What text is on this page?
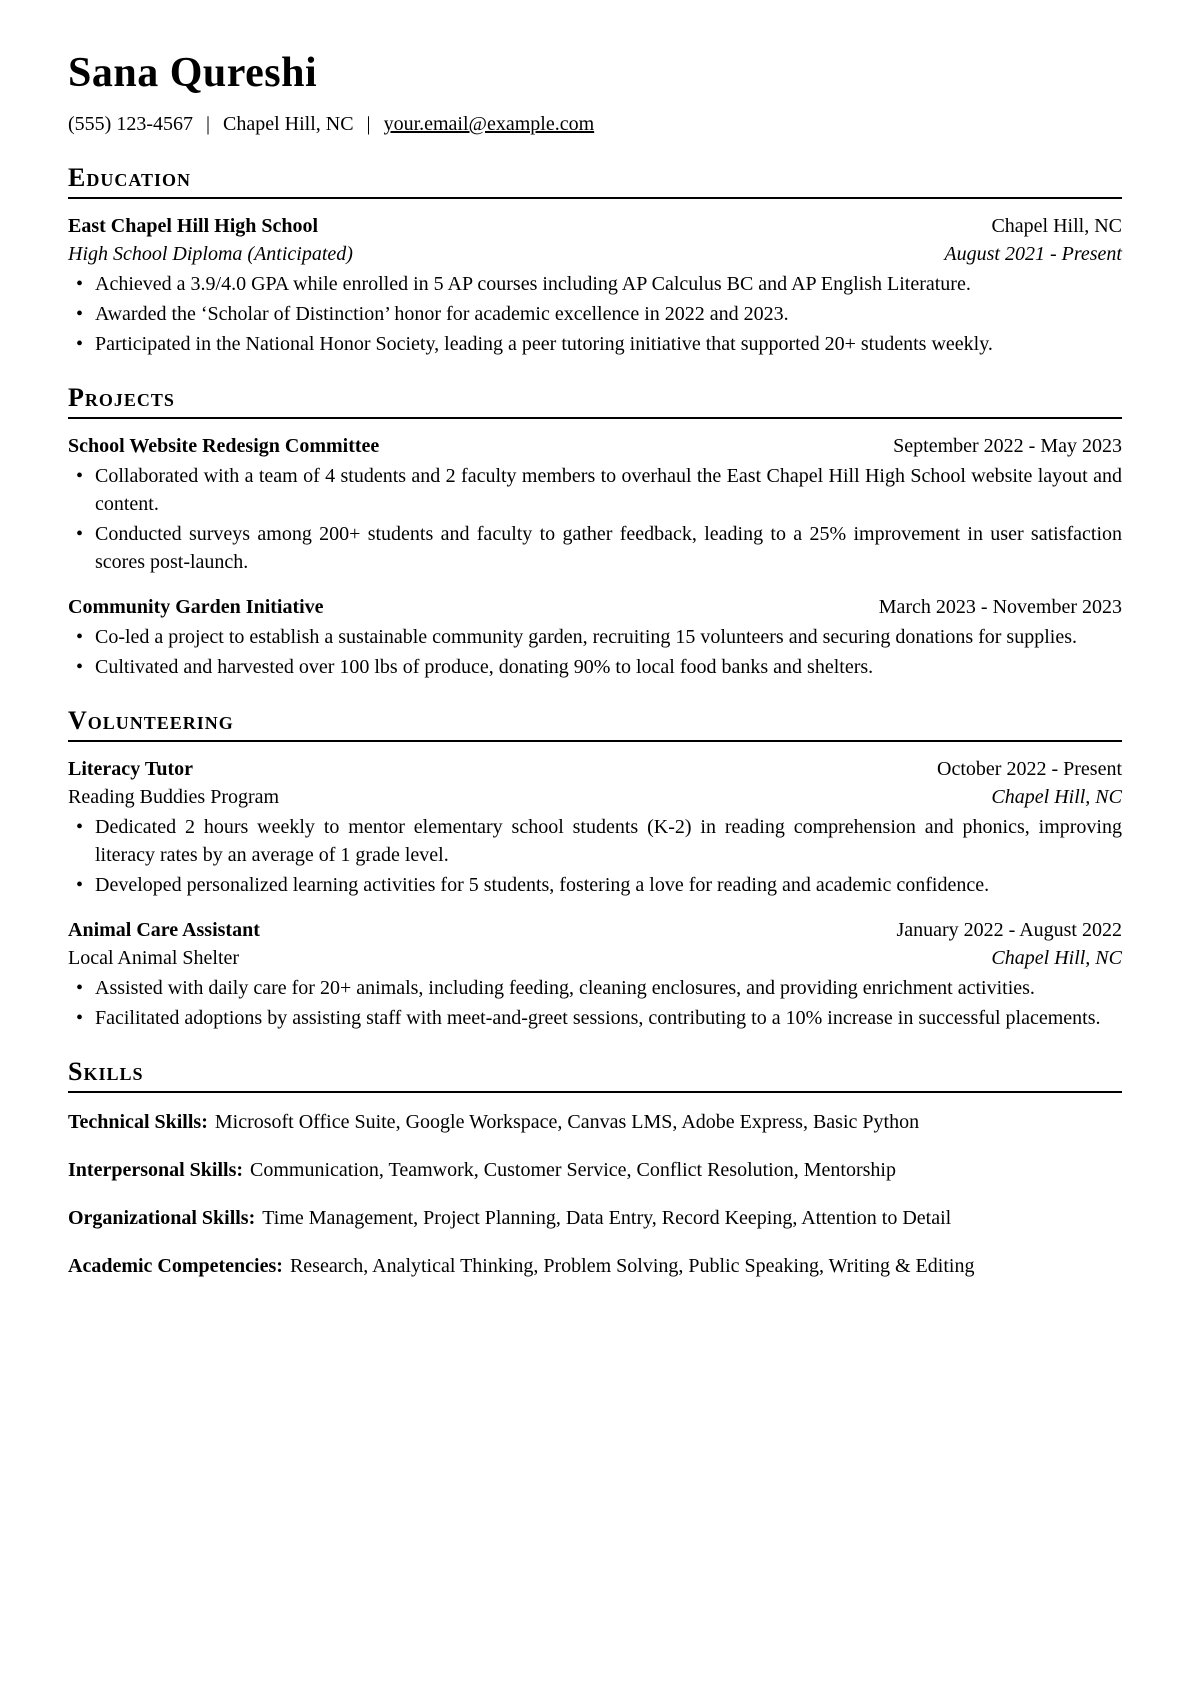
Sana Qureshi
(555) 123-4567 | Chapel Hill, NC | your.email@example.com
Education
East Chapel Hill High School	Chapel Hill, NC
High School Diploma (Anticipated)	August 2021 - Present
• Achieved a 3.9/4.0 GPA while enrolled in 5 AP courses including AP Calculus BC and AP English Literature.
• Awarded the ‘Scholar of Distinction’ honor for academic excellence in 2022 and 2023.
• Participated in the National Honor Society, leading a peer tutoring initiative that supported 20+ students weekly.
Projects
School Website Redesign Committee	September 2022 - May 2023
• Collaborated with a team of 4 students and 2 faculty members to overhaul the East Chapel Hill High School website layout and content.
• Conducted surveys among 200+ students and faculty to gather feedback, leading to a 25% improvement in user satisfaction scores post-launch.
Community Garden Initiative	March 2023 - November 2023
• Co-led a project to establish a sustainable community garden, recruiting 15 volunteers and securing donations for supplies.
• Cultivated and harvested over 100 lbs of produce, donating 90% to local food banks and shelters.
Volunteering
Literacy Tutor	October 2022 - Present
Reading Buddies Program	Chapel Hill, NC
• Dedicated 2 hours weekly to mentor elementary school students (K-2) in reading comprehension and phonics, improving literacy rates by an average of 1 grade level.
• Developed personalized learning activities for 5 students, fostering a love for reading and academic confidence.
Animal Care Assistant	January 2022 - August 2022
Local Animal Shelter	Chapel Hill, NC
• Assisted with daily care for 20+ animals, including feeding, cleaning enclosures, and providing enrichment activities.
• Facilitated adoptions by assisting staff with meet-and-greet sessions, contributing to a 10% increase in successful placements.
Skills

Technical Skills: Microsoft Office Suite, Google Workspace, Canvas LMS, Adobe Express, Basic Python

Interpersonal Skills: Communication, Teamwork, Customer Service, Conflict Resolution, Mentorship

Organizational Skills: Time Management, Project Planning, Data Entry, Record Keeping, Attention to Detail

Academic Competencies: Research, Analytical Thinking, Problem Solving, Public Speaking, Writing & Editing
